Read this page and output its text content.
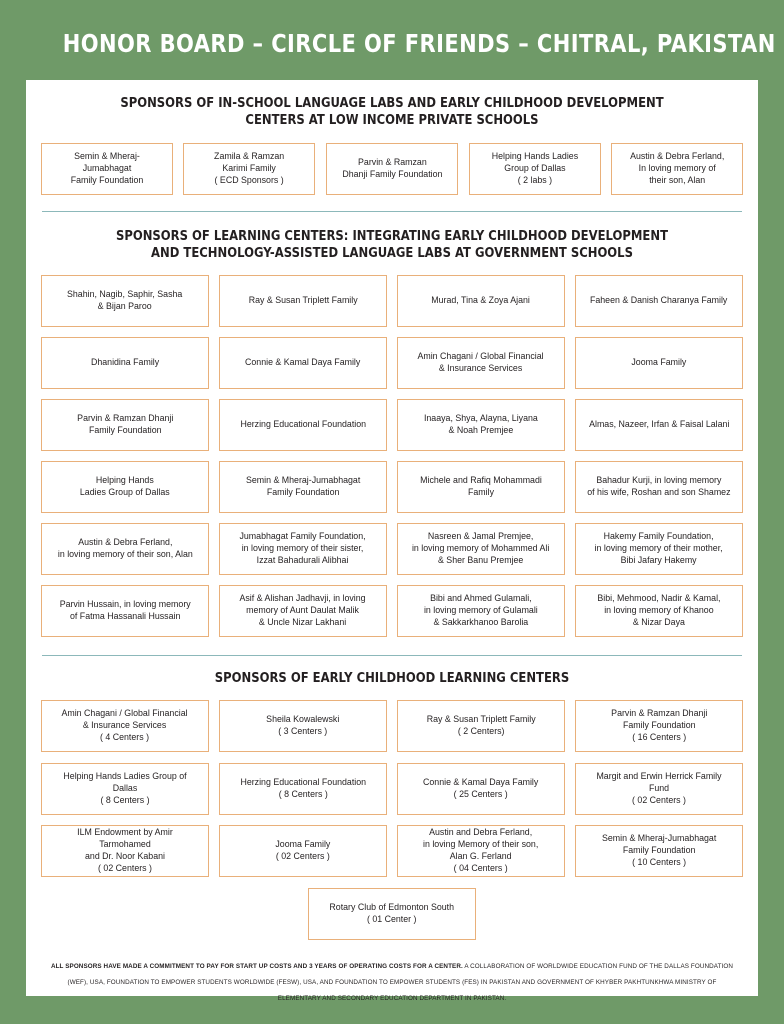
HONOR BOARD – CIRCLE OF FRIENDS – CHITRAL, PAKISTAN
SPONSORS OF IN-SCHOOL LANGUAGE LABS AND EARLY CHILDHOOD DEVELOPMENT
CENTERS AT LOW INCOME PRIVATE SCHOOLS
Semin & Mheraj-Jumabhagat
Family Foundation
Zamila & Ramzan
Karimi Family
( ECD Sponsors )
Parvin & Ramzan
Dhanji Family Foundation
Helping Hands Ladies
Group of Dallas
( 2 labs )
Austin & Debra Ferland,
In loving memory of
their son, Alan
SPONSORS OF LEARNING CENTERS: INTEGRATING EARLY CHILDHOOD DEVELOPMENT
AND TECHNOLOGY-ASSISTED LANGUAGE LABS AT GOVERNMENT SCHOOLS
Shahin, Nagib, Saphir, Sasha
& Bijan Paroo
Ray & Susan Triplett Family	Murad, Tina & Zoya Ajani	Faheen & Danish Charanya Family
Dhanidina Family	Connie & Kamal Daya Family
Amin Chagani / Global Financial
& Insurance Services
Jooma Family
Parvin & Ramzan Dhanji
Family Foundation
Herzing Educational Foundation
Inaaya, Shya, Alayna, Liyana
& Noah Premjee
Almas, Nazeer, Irfan & Faisal Lalani
Helping Hands
Ladies Group of Dallas
Semin & Mheraj-Jumabhagat
Family Foundation
Michele and Rafiq Mohammadi Family
Bahadur Kurji, in loving memory
of his wife, Roshan and son Shamez
Austin & Debra Ferland,
in loving memory of their son, Alan
Jumabhagat Family Foundation,
in loving memory of their sister,
Izzat Bahadurali Alibhai
Nasreen & Jamal Premjee,
in loving memory of Mohammed Ali
& Sher Banu Premjee
Hakemy Family Foundation,
in loving memory of their mother,
Bibi Jafary Hakemy
Parvin Hussain, in loving memory
of Fatma Hassanali Hussain
Asif & Alishan Jadhavji, in loving
memory of Aunt Daulat Malik
& Uncle Nizar Lakhani
Bibi and Ahmed Gulamali,
in loving memory of Gulamali
& Sakkarkhanoo Barolia
Bibi, Mehmood, Nadir & Kamal,
in loving memory of Khanoo
& Nizar Daya
SPONSORS OF EARLY CHILDHOOD LEARNING CENTERS
Amin Chagani / Global Financial
& Insurance Services
( 4 Centers )
Sheila Kowalewski
( 3 Centers )
Ray & Susan Triplett Family
( 2 Centers)
Parvin & Ramzan Dhanji
Family Foundation
( 16 Centers )
Helping Hands Ladies Group of Dallas
( 8 Centers )
Herzing Educational Foundation
( 8 Centers )
Connie & Kamal Daya Family
( 25 Centers )
Margit and Erwin Herrick Family Fund
( 02 Centers )
ILM Endowment by Amir Tarmohamed
and Dr. Noor Kabani
( 02 Centers )
Jooma Family
( 02 Centers )
Austin and Debra Ferland,
in loving Memory of their son,
Alan G. Ferland
( 04 Centers )
Semin & Mheraj-Jumabhagat
Family Foundation
( 10 Centers )
Rotary Club of Edmonton South
( 01 Center )
ALL SPONSORS HAVE MADE A COMMITMENT TO PAY FOR START UP COSTS AND 3 YEARS OF OPERATING COSTS FOR A CENTER. A COLLABORATION OF WORLDWIDE EDUCATION FUND OF THE DALLAS FOUNDATION (WEF), USA, FOUNDATION TO EMPOWER STUDENTS WORLDWIDE (FESW), USA, AND FOUNDATION TO EMPOWER STUDENTS (FES) IN PAKISTAN AND GOVERNMENT OF KHYBER PAKHTUNKHWA MINISTRY OF ELEMENTARY AND SECONDARY EDUCATION DEPARTMENT IN PAKISTAN.
